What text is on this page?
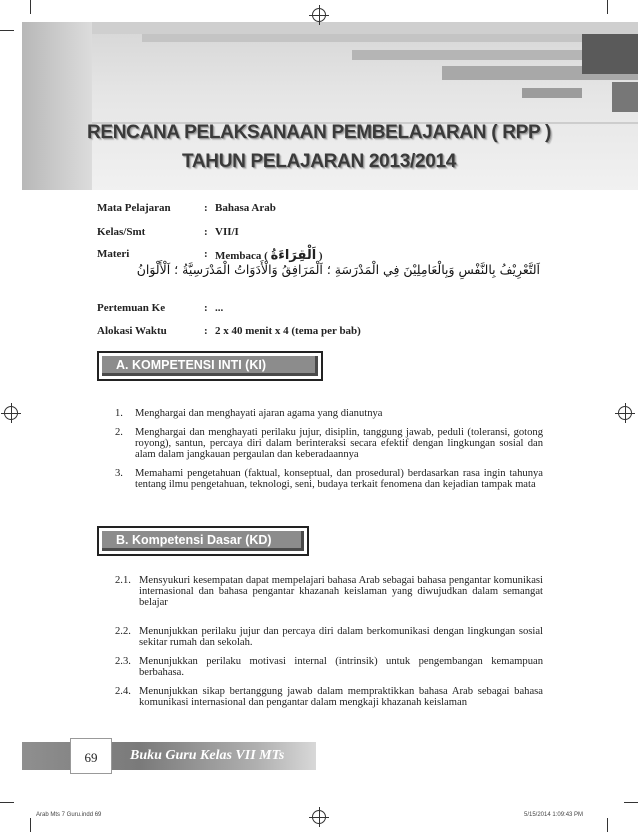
RENCANA PELAKSANAAN PEMBELAJARAN ( RPP )
TAHUN PELAJARAN 2013/2014
Mata Pelajaran	: Bahasa Arab
Kelas/Smt	: VII/I
Materi	: Membaca ( اَلْقِرَاءَةُ )
اَلتَّعْرِيْفُ بِالنَّفْسِ وَبِالْعَامِلِيْنَ فِي الْمَدْرَسَةِ ؛ اَلْمَرَافِقُ وَالْأَدَوَاتُ الْمَدْرَسِيَّةُ ؛ اَلْأَلْوَانُ
Pertemuan Ke	: ...
Alokasi Waktu	: 2 x 40 menit x 4 (tema per bab)
A. KOMPETENSI INTI (KI)
1. Menghargai dan menghayati ajaran agama yang dianutnya
2. Menghargai dan menghayati perilaku jujur, disiplin, tanggung jawab, peduli (toleransi, gotong royong), santun, percaya diri dalam berinteraksi secara efektif dengan lingkungan sosial dan alam dalam jangkauan pergaulan dan keberadaannya
3. Memahami pengetahuan (faktual, konseptual, dan prosedural) berdasarkan rasa ingin tahunya tentang ilmu pengetahuan, teknologi, seni, budaya terkait fenomena dan kejadian tampak mata
B. Kompetensi Dasar (KD)
2.1. Mensyukuri kesempatan dapat mempelajari bahasa Arab sebagai bahasa pengantar komunikasi internasional dan bahasa pengantar khazanah keislaman yang diwujudkan dalam semangat belajar
2.2. Menunjukkan perilaku jujur dan percaya diri dalam berkomunikasi dengan lingkungan sosial sekitar rumah dan sekolah.
2.3. Menunjukkan perilaku motivasi internal (intrinsik) untuk pengembangan kemampuan berbahasa.
2.4. Menunjukkan sikap bertanggung jawab dalam mempraktikkan bahasa Arab sebagai bahasa komunikasi internasional dan pengantar dalam mengkaji khazanah keislaman
69	Buku Guru Kelas VII MTs
Arab Mts 7 Guru.indd 69	5/15/2014 1:09:43 PM
